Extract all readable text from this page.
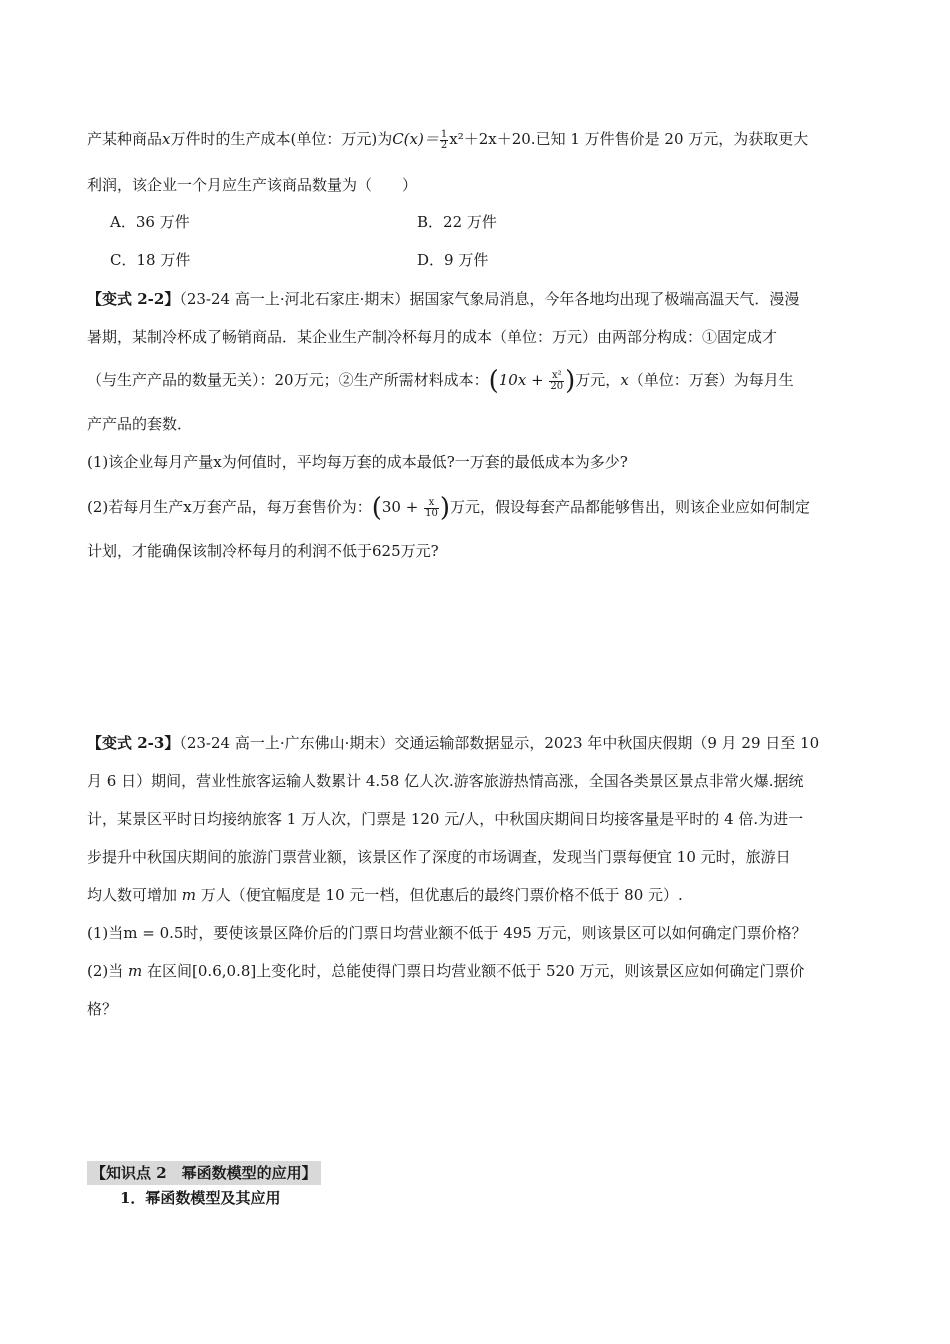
产某种商品x万件时的生产成本(单位：万元)为$C(x)= \frac{1}{2} x^2+2x+20$.已知 1 万件售价是 20 万元，为获取更大
利润，该企业一个月应生产该商品数量为（　　）
A．36 万件	B．22 万件
C．18 万件	D．9 万件
【变式 2-2】（23-24 高一上·河北石家庄·期末）据国家气象局消息，今年各地均出现了极端高温天气．漫漫
暑期，某制冷杯成了畅销商品．某企业生产制冷杯每月的成本（单位：万元）由两部分构成：①固定成才
（与生产产品的数量无关）：20万元；②生产所需材料成本：($10x + \frac{\text{x²}}{20}$ )万元，x（单位：万套）为每月生
产产品的套数．
(1)该企业每月产量x为何值时，平均每万套的成本最低?一万套的最低成本为多少?
(2)若每月生产x万套产品，每万套售价为：($30 + \frac{x}{10}$ )万元，假设每套产品都能够售出，则该企业应如何制定
计划，才能确保该制冷杯每月的利润不低于625万元?
【变式 2-3】（23-24 高一上·广东佛山·期末）交通运输部数据显示，2023 年中秋国庆假期（9 月 29 日至 10
月 6 日）期间，营业性旅客运输人数累计 4.58 亿人次.游客旅游热情高涨，全国各类景区景点非常火爆.据统
计，某景区平时日均接纳旅客 1 万人次，门票是 120 元/人，中秋国庆期间日均接客量是平时的 4 倍.为进一
步提升中秋国庆期间的旅游门票营业额，该景区作了深度的市场调查，发现当门票每便宜 10 元时，旅游日
均人数可增加 m 万人（便宜幅度是 10 元一档，但优惠后的最终门票价格不低于 80 元）.
(1)当m = 0.5时，要使该景区降价后的门票日均营业额不低于 495 万元，则该景区可以如何确定门票价格？
(2)当 m 在区间[0.6,0.8]上变化时，总能使得门票日均营业额不低于 520 万元，则该景区应如何确定门票价
格？
【知识点 2　幂函数模型的应用】
1．幂函数模型及其应用
